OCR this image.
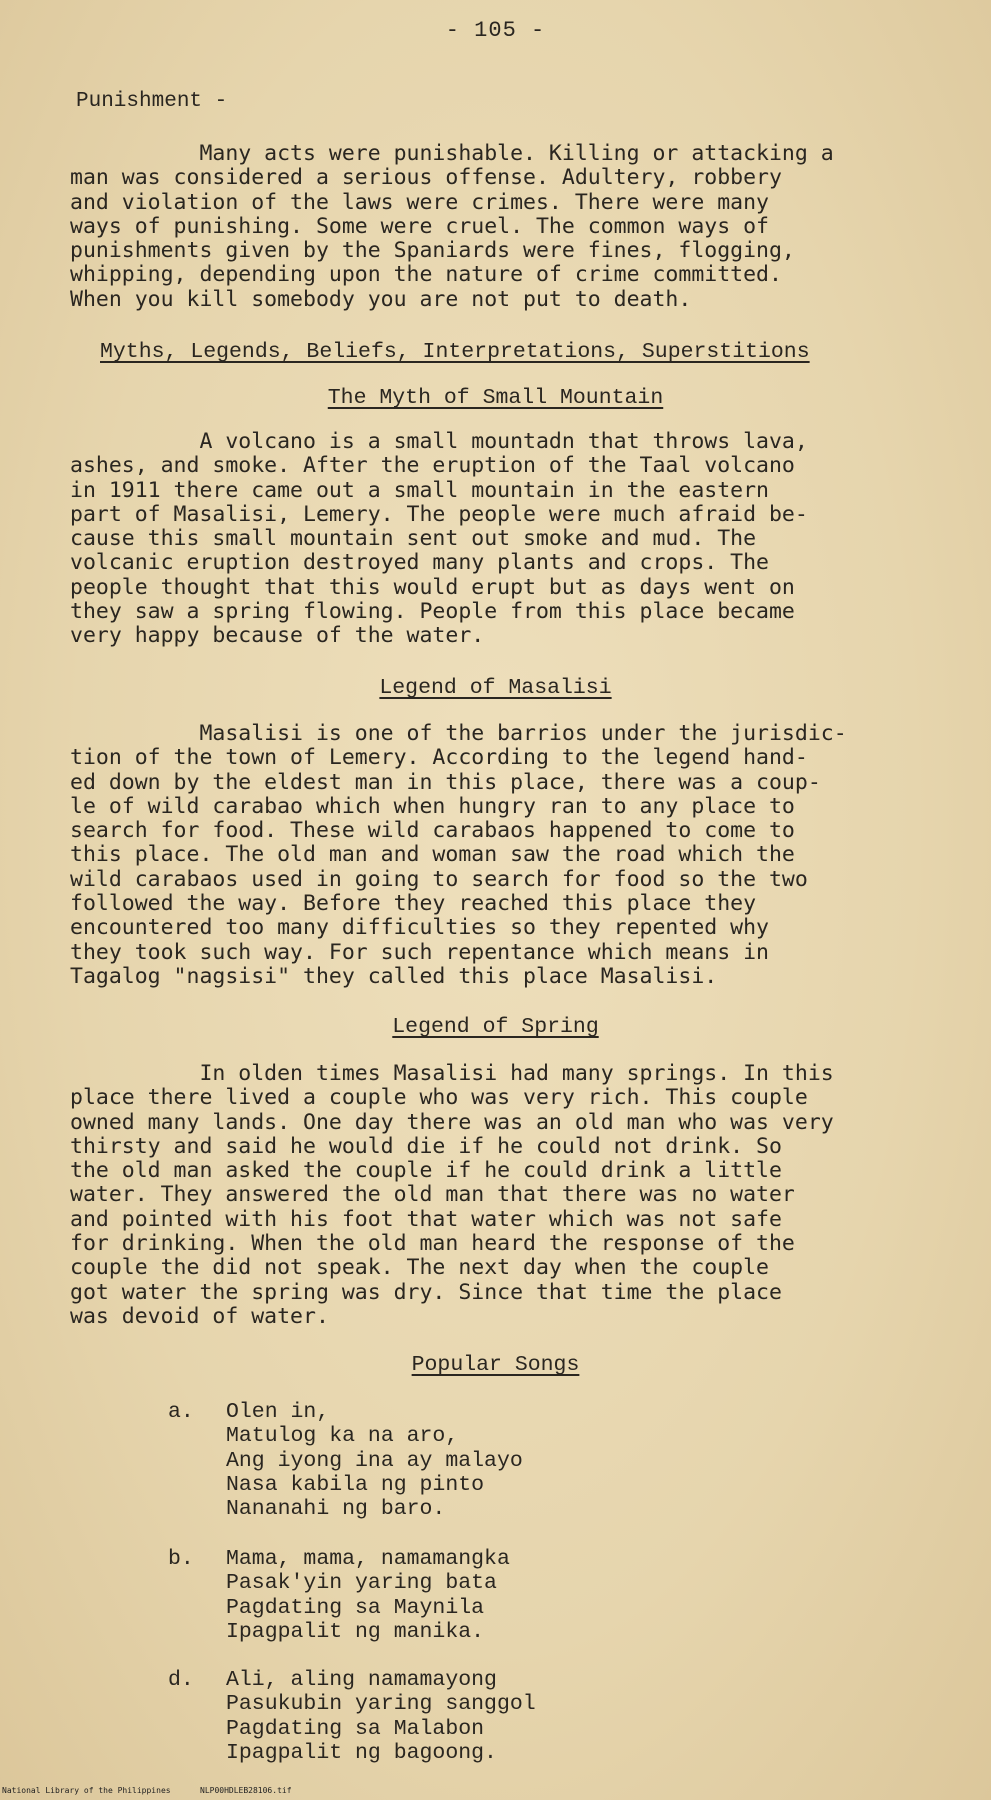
- 105 -
Punishment -
Many acts were punishable. Killing or attacking a
man was considered a serious offense. Adultery, robbery
and violation of the laws were crimes. There were many
ways of punishing. Some were cruel. The common ways of
punishments given by the Spaniards were fines, flogging,
whipping, depending upon the nature of crime committed.
When you kill somebody you are not put to death.
Myths, Legends, Beliefs, Interpretations, Superstitions
The Myth of Small Mountain
A volcano is a small mountadn that throws lava,
ashes, and smoke. After the eruption of the Taal volcano
in 1911 there came out a small mountain in the eastern
part of Masalisi, Lemery. The people were much afraid be-
cause this small mountain sent out smoke and mud. The
volcanic eruption destroyed many plants and crops. The
people thought that this would erupt but as days went on
they saw a spring flowing. People from this place became
very happy because of the water.
Legend of Masalisi
Masalisi is one of the barrios under the jurisdic-
tion of the town of Lemery. According to the legend hand-
ed down by the eldest man in this place, there was a coup-
le of wild carabao which when hungry ran to any place to
search for food. These wild carabaos happened to come to
this place. The old man and woman saw the road which the
wild carabaos used in going to search for food so the two
followed the way. Before they reached this place they
encountered too many difficulties so they repented why
they took such way. For such repentance which means in
Tagalog "nagsisi" they called this place Masalisi.
Legend of Spring
In olden times Masalisi had many springs. In this
place there lived a couple who was very rich. This couple
owned many lands. One day there was an old man who was very
thirsty and said he would die if he could not drink. So
the old man asked the couple if he could drink a little
water. They answered the old man that there was no water
and pointed with his foot that water which was not safe
for drinking. When the old man heard the response of the
couple the did not speak. The next day when the couple
got water the spring was dry. Since that time the place
was devoid of water.
Popular Songs
a. Olen in,
Matulog ka na aro,
Ang iyong ina ay malayo
Nasa kabila ng pinto
Nananahi ng baro.
b. Mama, mama, namamangka
Pasak'yin yaring bata
Pagdating sa Maynila
Ipagpalit ng manika.
d. Ali, aling namamayong
Pasukubin yaring sanggol
Pagdating sa Malabon
Ipagpalit ng bagoong.
National Library of the Philippines	NLP00HDLEB28106.tif
